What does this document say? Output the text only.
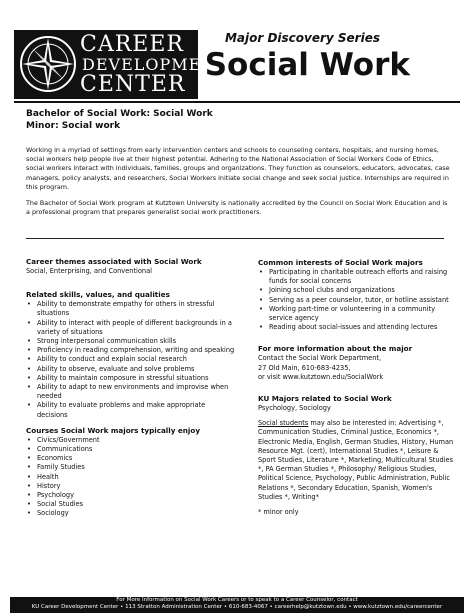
CAREER
DEVELOPMENT
CENTER
Major Discovery Series
Social Work
Bachelor of Social Work: Social Work
Minor: Social work
Working in a myriad of settings from early intervention centers and schools to counseling centers, hospitals, and nursing homes, social workers help people live at their highest potential. Adhering to the National Association of Social Workers Code of Ethics, social workers interact with individuals, families, groups and organizations. They function as counselors, educators, advocates, case managers, policy analysts, and researchers, Social Workers initiate social change and seek social justice. Internships are required in this program.
The Bachelor of Social Work program at Kutztown University is nationally accredited by the Council on Social Work Education and is a professional program that prepares generalist social work practitioners.
Career themes associated with Social Work

Social, Enterprising, and Conventional

Related skills, values, and qualities
• Ability to demonstrate empathy for others in stressful situations
• Ability to interact with people of different backgrounds in a variety of situations
• Strong interpersonal communication skills
• Proficiency in reading comprehension, writing and speaking
• Ability to conduct and explain social research
• Ability to observe, evaluate and solve problems
• Ability to maintain composure in stressful situations
• Ability to adapt to new environments and improvise when needed
• Ability to evaluate problems and make appropriate decisions
Courses Social Work majors typically enjoy
• Civics/Government
• Communications
• Economics
• Family Studies
• Health
• History
• Psychology
• Social Studies
• Sociology
Common interests of Social Work majors
• Participating in charitable outreach efforts and raising funds for social concerns
• Joining school clubs and organizations
• Serving as a peer counselor, tutor, or hotline assistant
• Working part-time or volunteering in a community service agency
• Reading about social-issues and attending lectures
For more information about the major
Contact the Social Work Department,
27 Old Main, 610-683-4235,
or visit www.kutztown.edu/SocialWork
KU Majors related to Social Work
Psychology, Sociology
Social students may also be interested in: Advertising *, Communication Studies, Criminal Justice, Economics *, Electronic Media, English, German Studies, History, Human Resource Mgt. (cert), International Studies *, Leisure & Sport Studies, Literature *, Marketing, Multicultural Studies *, PA German Studies *, Philosophy/ Religious Studies, Political Science, Psychology, Public Administration, Public Relations *, Secondary Education, Spanish, Women's Studies *, Writing*
* minor only
For More Information on Social Work Careers or to speak to a Career Counselor, contact
KU Career Development Center • 113 Stratton Administration Center • 610-683-4067 • careerhelp@kutztown.edu • www.kutztown.edu/careercenter
